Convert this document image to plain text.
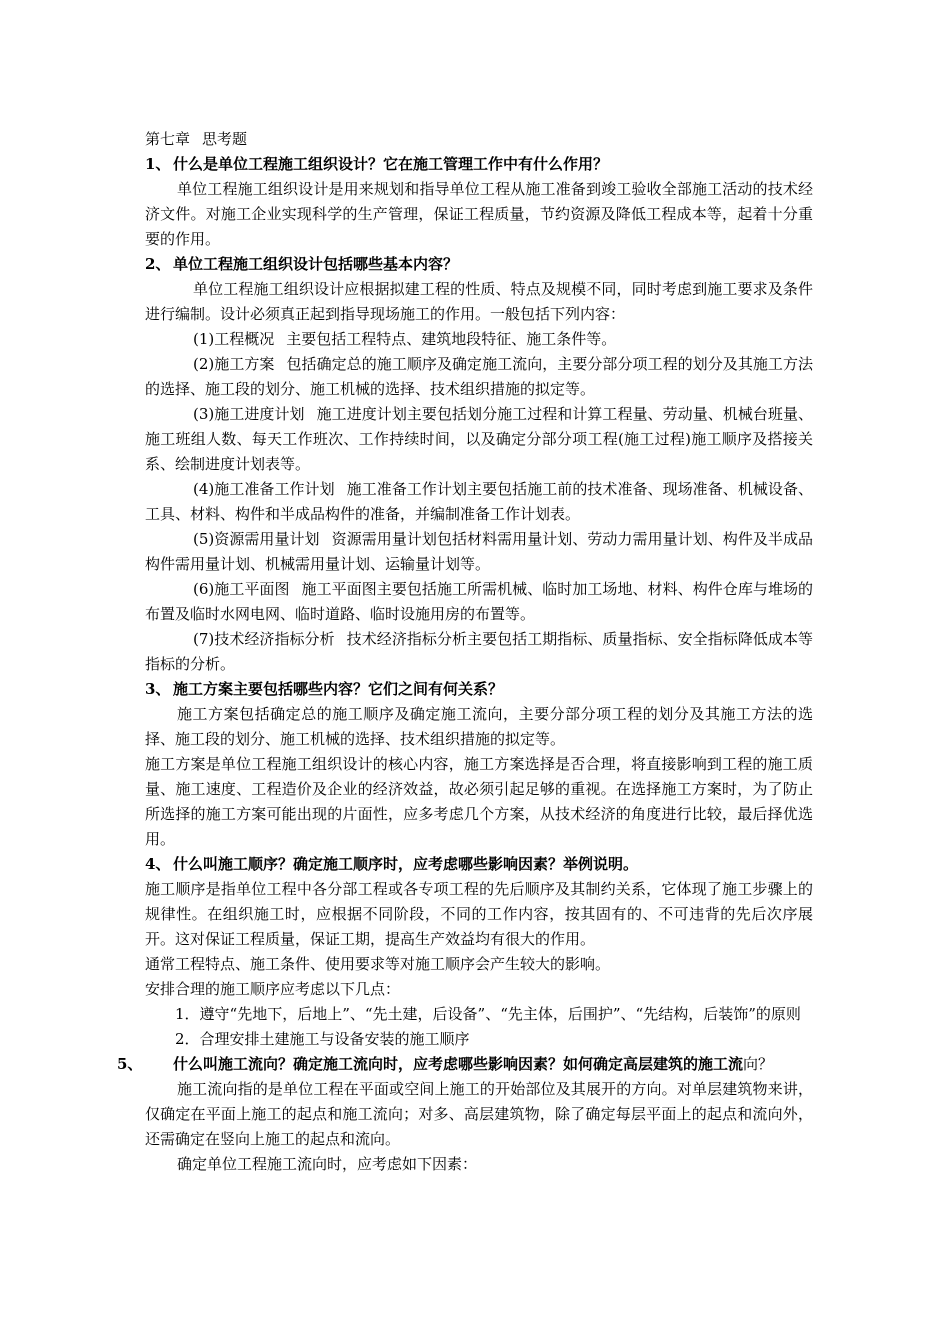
第七章 思考题

1、 什么是单位工程施工组织设计？它在施工管理工作中有什么作用？

单位工程施工组织设计是用来规划和指导单位工程从施工准备到竣工验收全部施工活动的技术经济文件。对施工企业实现科学的生产管理，保证工程质量，节约资源及降低工程成本等，起着十分重要的作用。

2、 单位工程施工组织设计包括哪些基本内容？

单位工程施工组织设计应根据拟建工程的性质、特点及规模不同，同时考虑到施工要求及条件进行编制。设计必须真正起到指导现场施工的作用。一般包括下列内容：

(1)工程概况 主要包括工程特点、建筑地段特征、施工条件等。

(2)施工方案 包括确定总的施工顺序及确定施工流向，主要分部分项工程的划分及其施工方法的选择、施工段的划分、施工机械的选择、技术组织措施的拟定等。

(3)施工进度计划 施工进度计划主要包括划分施工过程和计算工程量、劳动量、机械台班量、施工班组人数、每天工作班次、工作持续时间，以及确定分部分项工程(施工过程)施工顺序及搭接关系、绘制进度计划表等。

(4)施工准备工作计划 施工准备工作计划主要包括施工前的技术准备、现场准备、机械设备、工具、材料、构件和半成品构件的准备，并编制准备工作计划表。

(5)资源需用量计划 资源需用量计划包括材料需用量计划、劳动力需用量计划、构件及半成品构件需用量计划、机械需用量计划、运输量计划等。

(6)施工平面图 施工平面图主要包括施工所需机械、临时加工场地、材料、构件仓库与堆场的布置及临时水网电网、临时道路、临时设施用房的布置等。

(7)技术经济指标分析 技术经济指标分析主要包括工期指标、质量指标、安全指标降低成本等指标的分析。

3、 施工方案主要包括哪些内容？它们之间有何关系？

施工方案包括确定总的施工顺序及确定施工流向，主要分部分项工程的划分及其施工方法的选择、施工段的划分、施工机械的选择、技术组织措施的拟定等。

施工方案是单位工程施工组织设计的核心内容，施工方案选择是否合理，将直接影响到工程的施工质量、施工速度、工程造价及企业的经济效益，故必须引起足够的重视。在选择施工方案时，为了防止所选择的施工方案可能出现的片面性，应多考虑几个方案，从技术经济的角度进行比较，最后择优选用。

4、 什么叫施工顺序？确定施工顺序时，应考虑哪些影响因素？举例说明。

施工顺序是指单位工程中各分部工程或各专项工程的先后顺序及其制约关系，它体现了施工步骤上的规律性。在组织施工时，应根据不同阶段，不同的工作内容，按其固有的、不可违背的先后次序展开。这对保证工程质量，保证工期，提高生产效益均有很大的作用。

通常工程特点、施工条件、使用要求等对施工顺序会产生较大的影响。

安排合理的施工顺序应考虑以下几点：

1．遵守“先地下，后地上”、“先土建，后设备”、“先主体，后围护”、“先结构，后装饰”的原则

2．合理安排土建施工与设备安装的施工顺序

5、 什么叫施工流向？确定施工流向时，应考虑哪些影响因素？如何确定高层建筑的施工流向？

施工流向指的是单位工程在平面或空间上施工的开始部位及其展开的方向。对单层建筑物来讲，仅确定在平面上施工的起点和施工流向；对多、高层建筑物，除了确定每层平面上的起点和流向外，还需确定在竖向上施工的起点和流向。

确定单位工程施工流向时，应考虑如下因素：
